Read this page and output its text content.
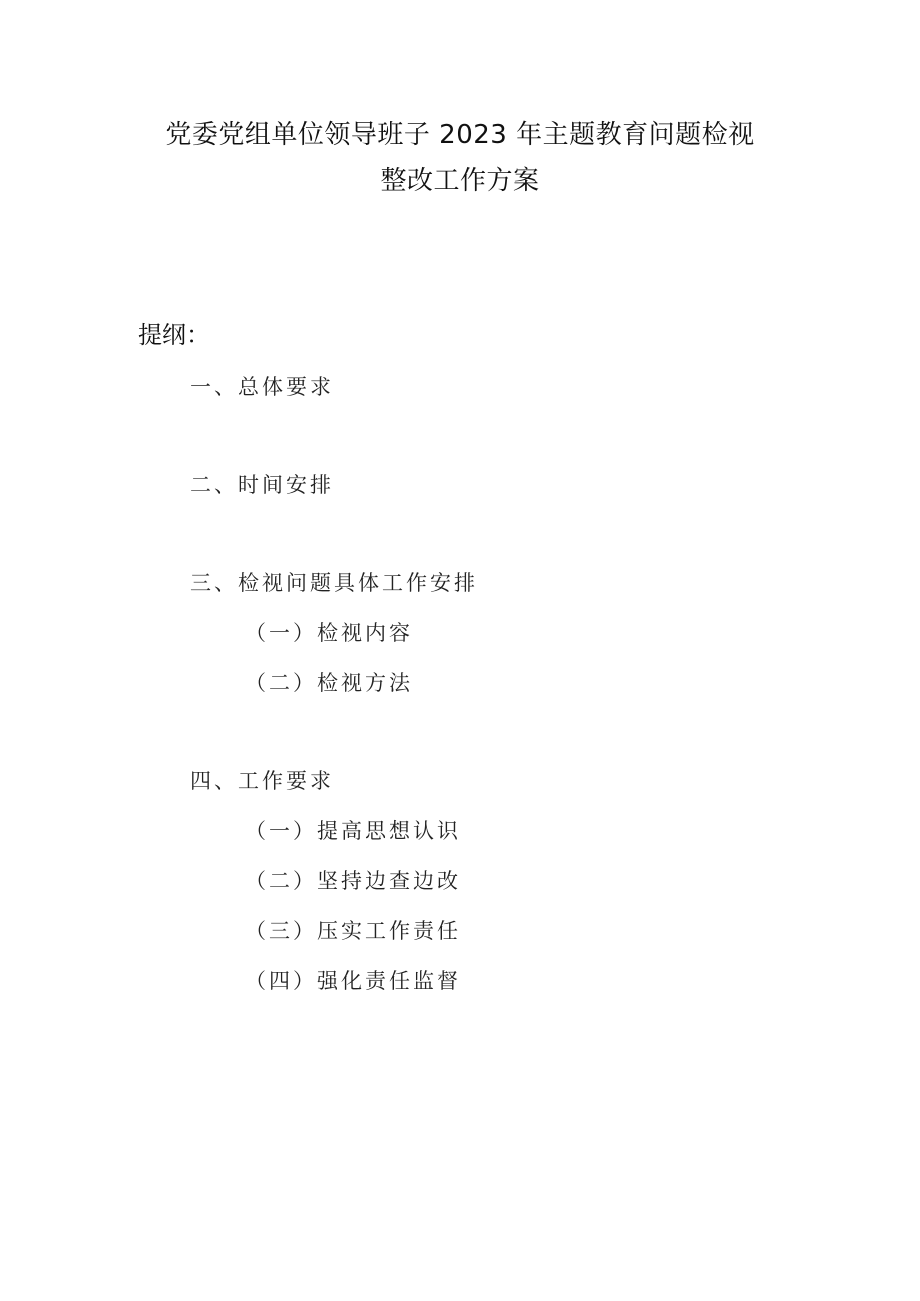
党委党组单位领导班子 2023 年主题教育问题检视
整改工作方案
提纲：
一、总体要求
二、时间安排
三、检视问题具体工作安排
（一）检视内容
（二）检视方法
四、工作要求
（一）提高思想认识
（二）坚持边查边改
（三）压实工作责任
（四）强化责任监督
